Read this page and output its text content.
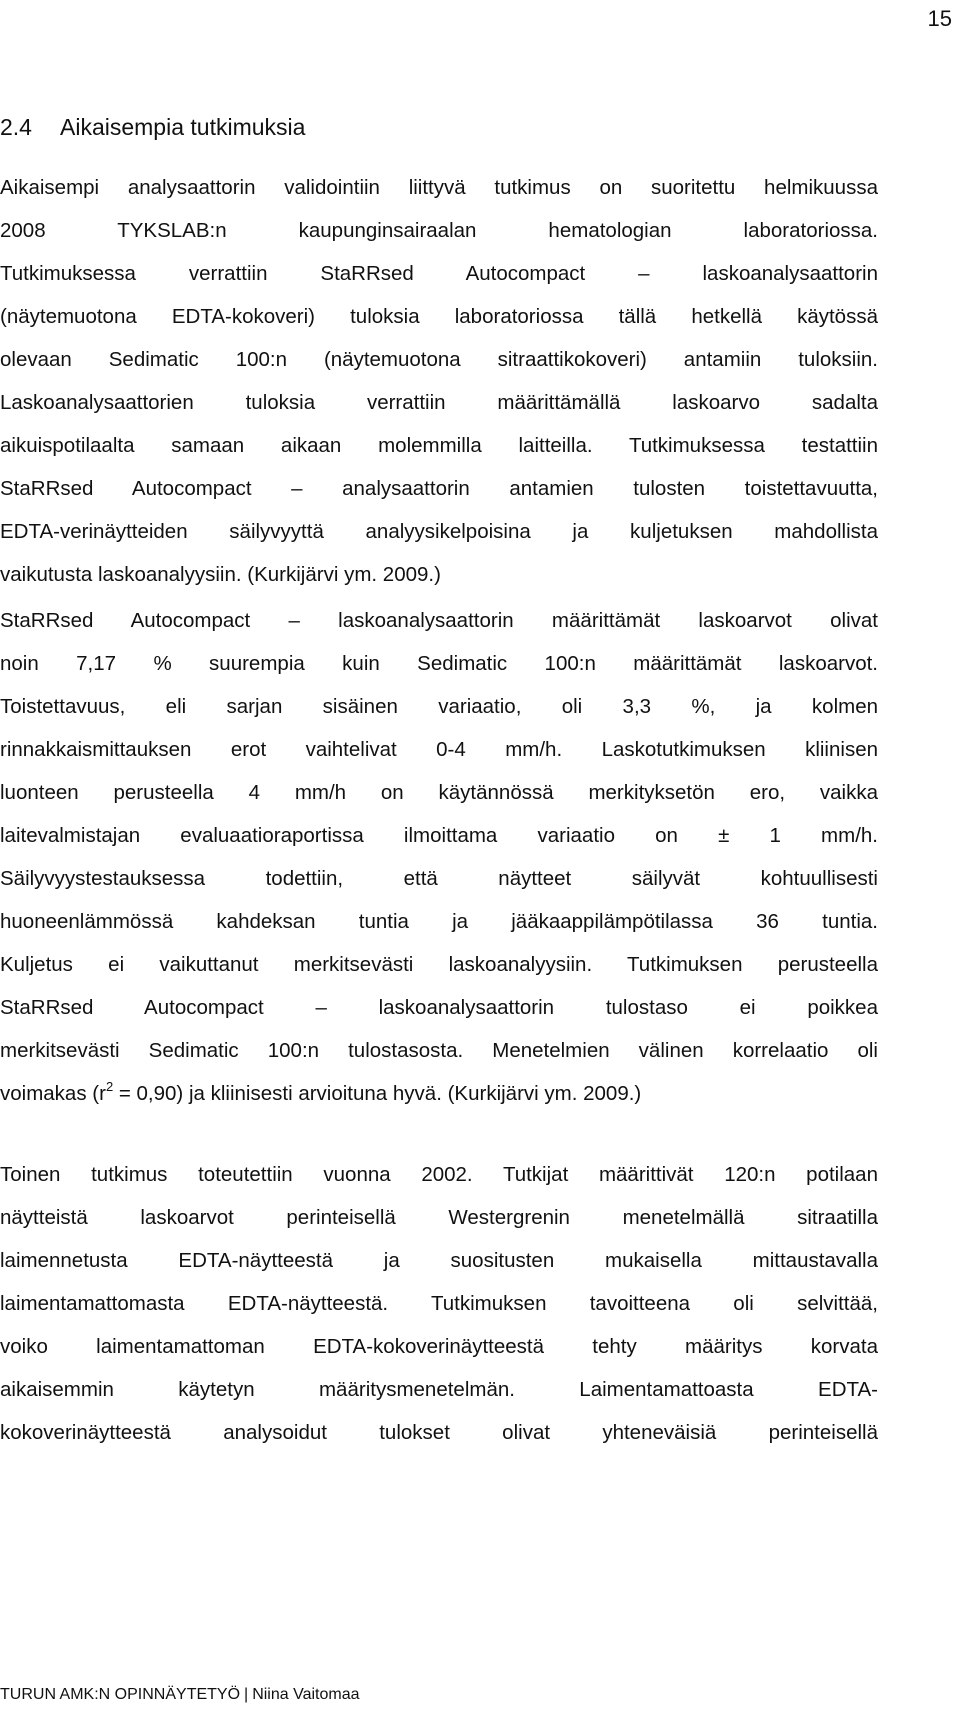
15
2.4 Aikaisempia tutkimuksia
Aikaisempi analysaattorin validointiin liittyvä tutkimus on suoritettu helmikuussa
2008 TYKSLAB:n kaupunginsairaalan hematologian laboratoriossa.
Tutkimuksessa verrattiin StaRRsed Autocompact – laskoanalysaattorin
(näytemuotona EDTA-kokoveri) tuloksia laboratoriossa tällä hetkellä käytössä
olevaan Sedimatic 100:n (näytemuotona sitraattikokoveri) antamiin tuloksiin.
Laskoanalysaattorien tuloksia verrattiin määrittämällä laskoarvo sadalta
aikuispotilaalta samaan aikaan molemmilla laitteilla. Tutkimuksessa testattiin
StaRRsed Autocompact – analysaattorin antamien tulosten toistettavuutta,
EDTA-verinäytteiden säilyvyyttä analyysikelpoisina ja kuljetuksen mahdollista
vaikutusta laskoanalyysiin. (Kurkijärvi ym. 2009.)
StaRRsed Autocompact – laskoanalysaattorin määrittämät laskoarvot olivat
noin 7,17 % suurempia kuin Sedimatic 100:n määrittämät laskoarvot.
Toistettavuus, eli sarjan sisäinen variaatio, oli 3,3 %, ja kolmen
rinnakkaismittauksen erot vaihtelivat 0-4 mm/h. Laskotutkimuksen kliinisen
luonteen perusteella 4 mm/h on käytännössä merkityksetön ero, vaikka
laitevalmistajan evaluaatioraportissa ilmoittama variaatio on ± 1 mm/h.
Säilyvyystestauksessa todettiin, että näytteet säilyvät kohtuullisesti
huoneenlämmössä kahdeksan tuntia ja jääkaappilämpötilassa 36 tuntia.
Kuljetus ei vaikuttanut merkitsevästi laskoanalyysiin. Tutkimuksen perusteella
StaRRsed Autocompact – laskoanalysaattorin tulostaso ei poikkea
merkitsevästi Sedimatic 100:n tulostasosta. Menetelmien välinen korrelaatio oli
voimakas $(r^2 = 0,90)$ ja kliinisesti arvioituna hyvä. (Kurkijärvi ym. 2009.)
Toinen tutkimus toteutettiin vuonna 2002. Tutkijat määrittivät 120:n potilaan
näytteistä laskoarvot perinteisellä Westergrenin menetelmällä sitraatilla
laimennetusta EDTA-näytteestä ja suositusten mukaisella mittaustavalla
laimentamattomasta EDTA-näytteestä. Tutkimuksen tavoitteena oli selvittää,
voiko laimentamattoman EDTA-kokoverinäytteestä tehty määritys korvata
aikaisemmin käytetyn määritysmenetelmän. Laimentamattoasta EDTA-
kokoverinäytteestä analysoidut tulokset olivat yhteneväisiä perinteisellä
TURUN AMK:N OPINNÄYTETYÖ | Niina Vaitomaa
